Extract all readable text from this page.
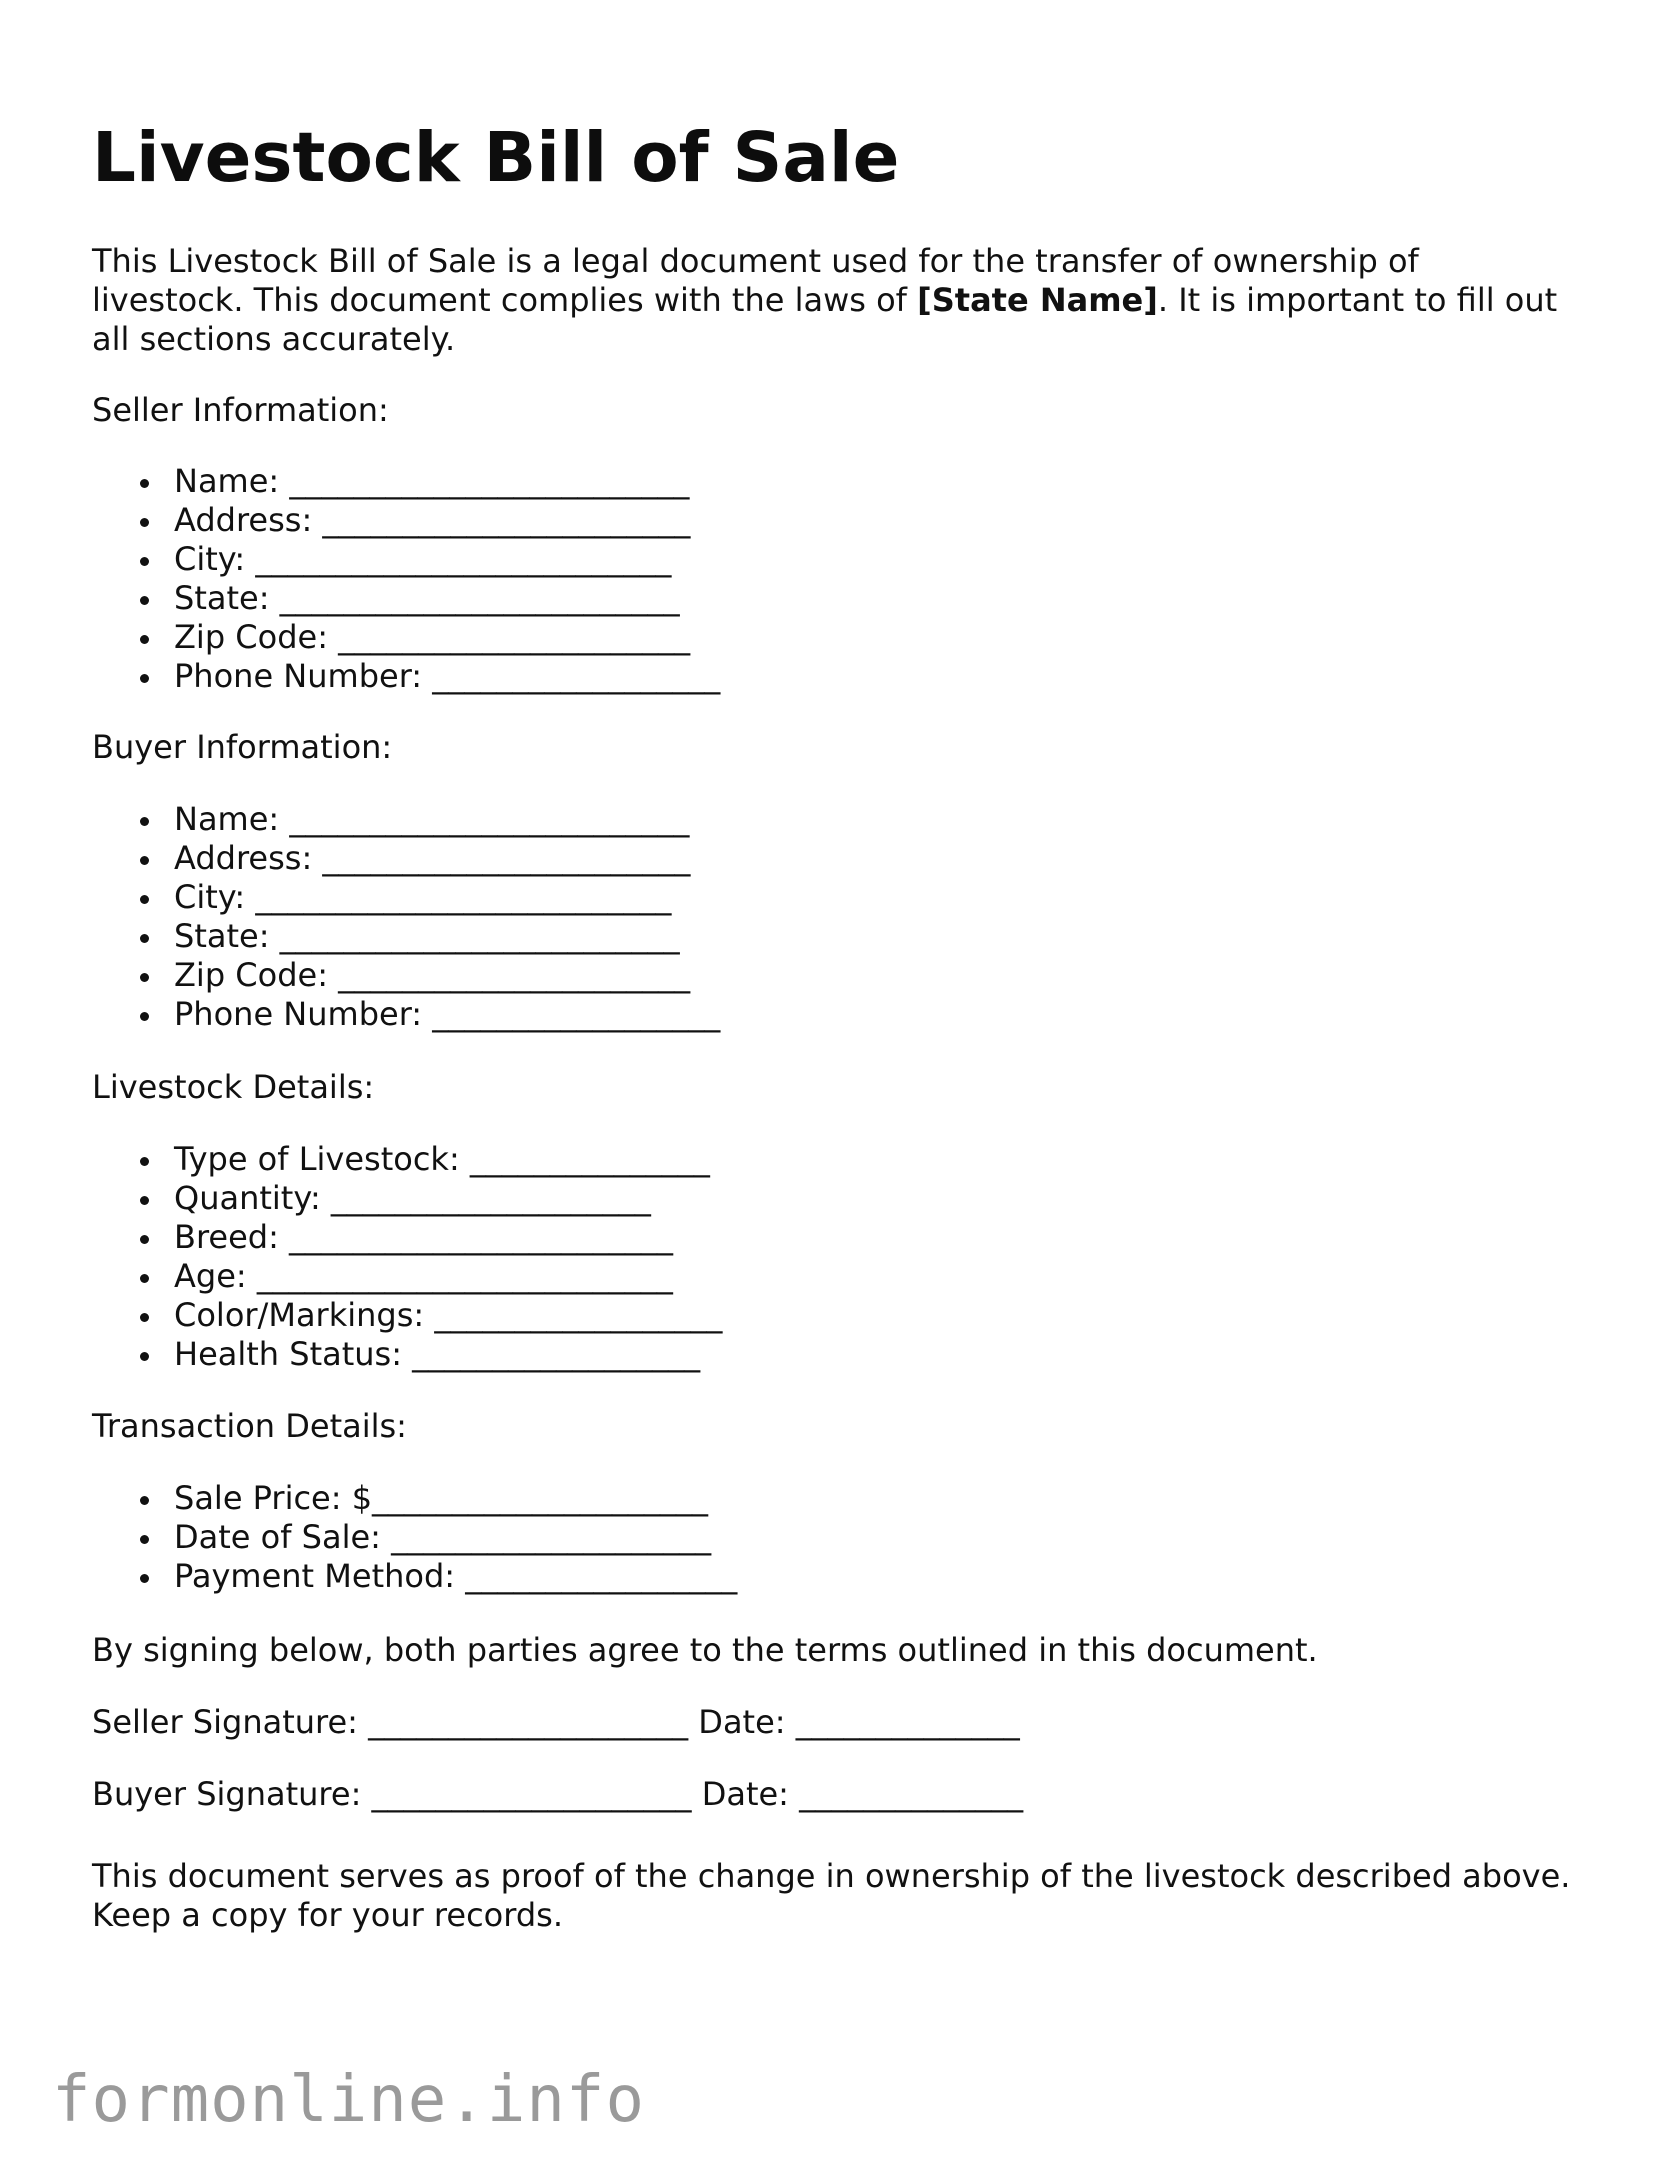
Livestock Bill of Sale

This Livestock Bill of Sale is a legal document used for the transfer of ownership of livestock. This document complies with the laws of [State Name]. It is important to fill out all sections accurately.

Seller Information:

Name: _________________________
Address: _______________________
City: __________________________
State: _________________________
Zip Code: ______________________
Phone Number: __________________

Buyer Information:

Name: _________________________
Address: _______________________
City: __________________________
State: _________________________
Zip Code: ______________________
Phone Number: __________________

Livestock Details:

Type of Livestock: _______________
Quantity: ____________________
Breed: ________________________
Age: __________________________
Color/Markings: __________________
Health Status: __________________

Transaction Details:

Sale Price: $_____________________
Date of Sale: ____________________
Payment Method: _________________

By signing below, both parties agree to the terms outlined in this document.

Seller Signature: ____________________ Date: ______________

Buyer Signature: ____________________ Date: ______________

This document serves as proof of the change in ownership of the livestock described above. Keep a copy for your records.

formonline.info
